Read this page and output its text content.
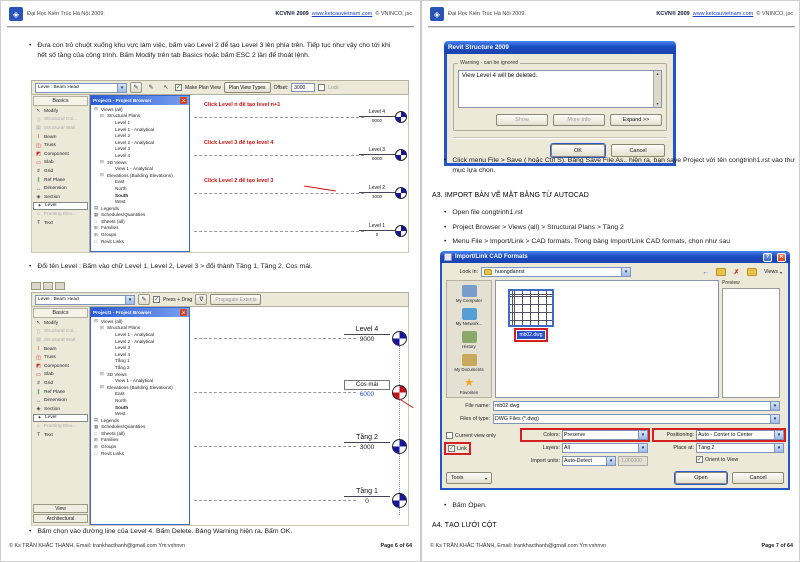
◈	Đại Học Kiến Trúc Hà Nội 2009.	KCVN® 2009 www.ketcauvietnam.com © VNINCO, jsc
• Đưa con trỏ chuột xuống khu vực làm việc, bấm vào Level 2 để tạo Level 3 lên phía trên. Tiếp tục như vậy cho tới khi hết số tầng của công trình. Bấm Modify trên tab Basics hoặc bấm ESC 2 lần để thoát lệnh.
Level : Beam Head ▾	✎	✎	↖ ✓	Make Plan View	Plan View Types	Offset:	3000	Lock
Basics
↖ Modify
▯ Structural Col...
▤ Structural Wall
I	Beam
◫ Truss
◩ Component
▭ Slab
♯ Grid
∥ Ref Plane
↔ Dimension
◈ Section
✦ Level
⌂ Framing Elev...
T Text
Project1 - Project Browser
✕
⊟ Views (all)
⊟ Structural Plans
Level 1
Level 1 - Analytical
Level 2
Level 2 - Analytical
Level 3
Level 4
⊟ 3D Views
View 1 - Analytical
⊟ Elevations (Building Elevations)
East
North
South
West
▤ Legends
▦ Schedules/Quantities
□ Sheets (all)
⊞ Families
⊞ Groups
□ Revit Links
Click Level n để tạo level n+1
Level 4
9000
Click Level 3 để tạo level 4
Level 3
6000
Click Level 2 để tạo level 3
Level 2
3000
Level 1
0
• Đổi tên Level : Bấm vào chữ Level 1, Level 2, Level 3 > đổi thành Tầng 1, Tầng 2, Cos mái.
Level : Beam Head ▾	✎ ✓	Press + Drag	∇	Propagate Extents
Basics
↖ Modify
▯ Structural Col...
▤ Structural Wall
I	Beam
◫ Truss
◩ Component
▭ Slab
♯ Grid
∥ Ref Plane
↔ Dimension
◈ Section
✦ Level
⌂ Framing Elev...
T Text
View
Architectural
Project1 - Project Browser
✕
⊟ Views (all)
⊟ Structural Plans
Level 1 - Analytical
Level 2 - Analytical
Level 3
Level 4
Tầng 1
Tầng 2
⊟ 3D Views
View 1 - Analytical
⊟ Elevations (Building Elevations)
East
North
South
West
▤ Legends
▦ Schedules/Quantities
□ Sheets (all)
⊞ Families
⊞ Groups
□ Revit Links
Level 4
9000
Cos mái
6000
Tầng 2
3000
Tầng 1
0
• Bấm chọn vào đường line của Level 4. Bấm Delete. Bảng Warning hiện ra. Bấm OK.
© Ks TRẦN KHẮC THÀNH, Email: trankhacthanh@gmail.com Ym:vxhnvn	Page 6 of 64
◈	Đại Học Kiến Trúc Hà Nội 2009.	KCVN® 2009 www.ketcauvietnam.com © VNINCO, jsc
Revit Structure 2009
Warning - can be ignored
View Level 4 will be deleted.
▲ ▼
Show	More Info	Expand >>
OK	Cancel
• Click menu File > Save ( hoặc Ctrl S). Bảng Save File As.. hiện ra, bạn save Project với tên congtrinh1.rst vào thư mục lựa chọn.
A3. IMPORT BẢN VẼ MẶT BẰNG TỪ AUTOCAD
• Open file congtrinh1.rst
• Project Browser > Views (all) > Structural Plans > Tầng 2
• Menu File > Import/Link > CAD formats. Trong bảng Import/Link CAD formats, chọn như sau
Import/Link CAD Formats
?
✕
Look in:	huongdanrst ▾	←	✗	Views
▾
My Computer
My Network...
History
My Documents
★
Favorites
mb02.dwg
Preview
File name: mb02.dwg
▾
Files of type: DWG Files (*.dwg)
▾
Current view only
✓
Link
Colors: Preserve
▾
Layers: All
▾
Import units: Auto-Detect ▾	1.000000
Positioning: Auto - Center to Center
▾
Place at: Tầng 2
▾
✓
Orient to View
Tools
▾	Open	Cancel
• Bấm Open.
A4. TẠO LƯỚI CỘT
© Ks TRẦN KHẮC THÀNH, Email: trankhacthanh@gmail.com Ym:vxhnvn	Page 7 of 64
